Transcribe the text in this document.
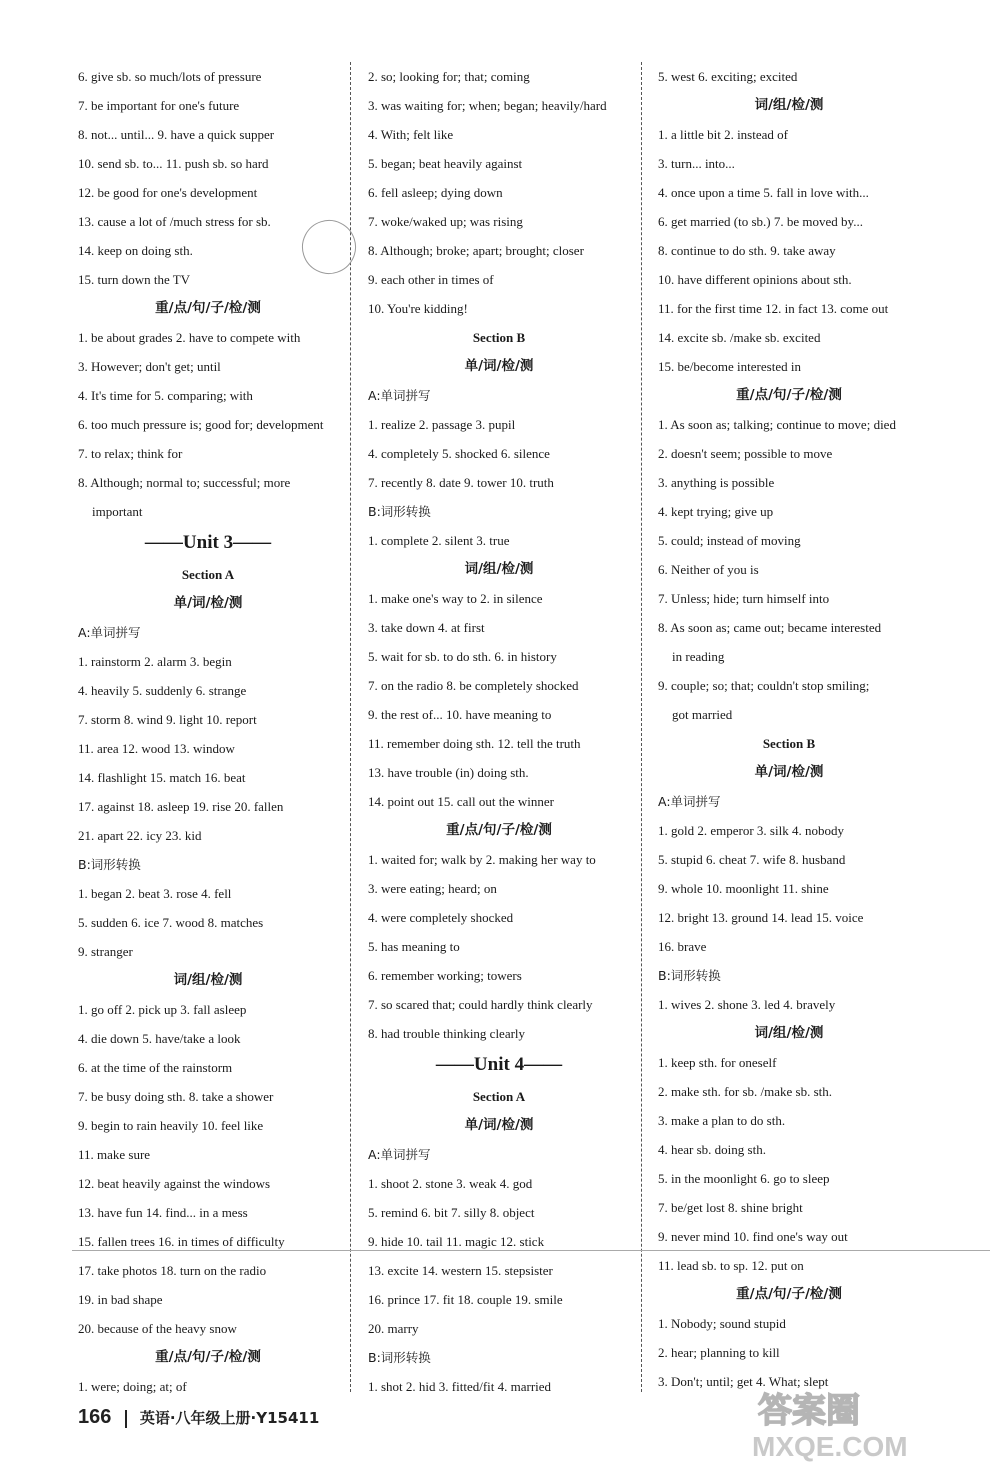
6. give sb. so much/lots of pressure
7. be important for one's future
8. not... until... 9. have a quick supper
10. send sb. to... 11. push sb. so hard
12. be good for one's development
13. cause a lot of /much stress for sb.
14. keep on doing sth.
15. turn down the TV
重/点/句/子/检/测
1. be about grades 2. have to compete with
3. However; don't get; until
4. It's time for 5. comparing; with
6. too much pressure is; good for; development
7. to relax; think for
8. Although; normal to; successful; more
important
——Unit 3——
Section A
单/词/检/测
A:单词拼写
1. rainstorm 2. alarm 3. begin
4. heavily 5. suddenly 6. strange
7. storm 8. wind 9. light 10. report
11. area 12. wood 13. window
14. flashlight 15. match 16. beat
17. against 18. asleep 19. rise 20. fallen
21. apart 22. icy 23. kid
B:词形转换
1. began 2. beat 3. rose 4. fell
5. sudden 6. ice 7. wood 8. matches
9. stranger
词/组/检/测
1. go off 2. pick up 3. fall asleep
4. die down 5. have/take a look
6. at the time of the rainstorm
7. be busy doing sth. 8. take a shower
9. begin to rain heavily 10. feel like
11. make sure
12. beat heavily against the windows
13. have fun 14. find... in a mess
15. fallen trees 16. in times of difficulty
17. take photos 18. turn on the radio
19. in bad shape
20. because of the heavy snow
重/点/句/子/检/测
1. were; doing; at; of
2. so; looking for; that; coming
3. was waiting for; when; began; heavily/hard
4. With; felt like
5. began; beat heavily against
6. fell asleep; dying down
7. woke/waked up; was rising
8. Although; broke; apart; brought; closer
9. each other in times of
10. You're kidding!
Section B
单/词/检/测
A:单词拼写
1. realize 2. passage 3. pupil
4. completely 5. shocked 6. silence
7. recently 8. date 9. tower 10. truth
B:词形转换
1. complete 2. silent 3. true
词/组/检/测
1. make one's way to 2. in silence
3. take down 4. at first
5. wait for sb. to do sth. 6. in history
7. on the radio 8. be completely shocked
9. the rest of... 10. have meaning to
11. remember doing sth. 12. tell the truth
13. have trouble (in) doing sth.
14. point out 15. call out the winner
重/点/句/子/检/测
1. waited for; walk by 2. making her way to
3. were eating; heard; on
4. were completely shocked
5. has meaning to
6. remember working; towers
7. so scared that; could hardly think clearly
8. had trouble thinking clearly
——Unit 4——
Section A
单/词/检/测
A:单词拼写
1. shoot 2. stone 3. weak 4. god
5. remind 6. bit 7. silly 8. object
9. hide 10. tail 11. magic 12. stick
13. excite 14. western 15. stepsister
16. prince 17. fit 18. couple 19. smile
20. marry
B:词形转换
1. shot 2. hid 3. fitted/fit 4. married
5. west 6. exciting; excited
词/组/检/测
1. a little bit 2. instead of
3. turn... into...
4. once upon a time 5. fall in love with...
6. get married (to sb.) 7. be moved by...
8. continue to do sth. 9. take away
10. have different opinions about sth.
11. for the first time 12. in fact 13. come out
14. excite sb. /make sb. excited
15. be/become interested in
重/点/句/子/检/测
1. As soon as; talking; continue to move; died
2. doesn't seem; possible to move
3. anything is possible
4. kept trying; give up
5. could; instead of moving
6. Neither of you is
7. Unless; hide; turn himself into
8. As soon as; came out; became interested
in reading
9. couple; so; that; couldn't stop smiling;
got married
Section B
单/词/检/测
A:单词拼写
1. gold 2. emperor 3. silk 4. nobody
5. stupid 6. cheat 7. wife 8. husband
9. whole 10. moonlight 11. shine
12. bright 13. ground 14. lead 15. voice
16. brave
B:词形转换
1. wives 2. shone 3. led 4. bravely
词/组/检/测
1. keep sth. for oneself
2. make sth. for sb. /make sb. sth.
3. make a plan to do sth.
4. hear sb. doing sth.
5. in the moonlight 6. go to sleep
7. be/get lost 8. shine bright
9. never mind 10. find one's way out
11. lead sb. to sp. 12. put on
重/点/句/子/检/测
1. Nobody; sound stupid
2. hear; planning to kill
3. Don't; until; get 4. What; slept
166 英语·八年级上册·Y15411	答案圈
MXQE.COM
